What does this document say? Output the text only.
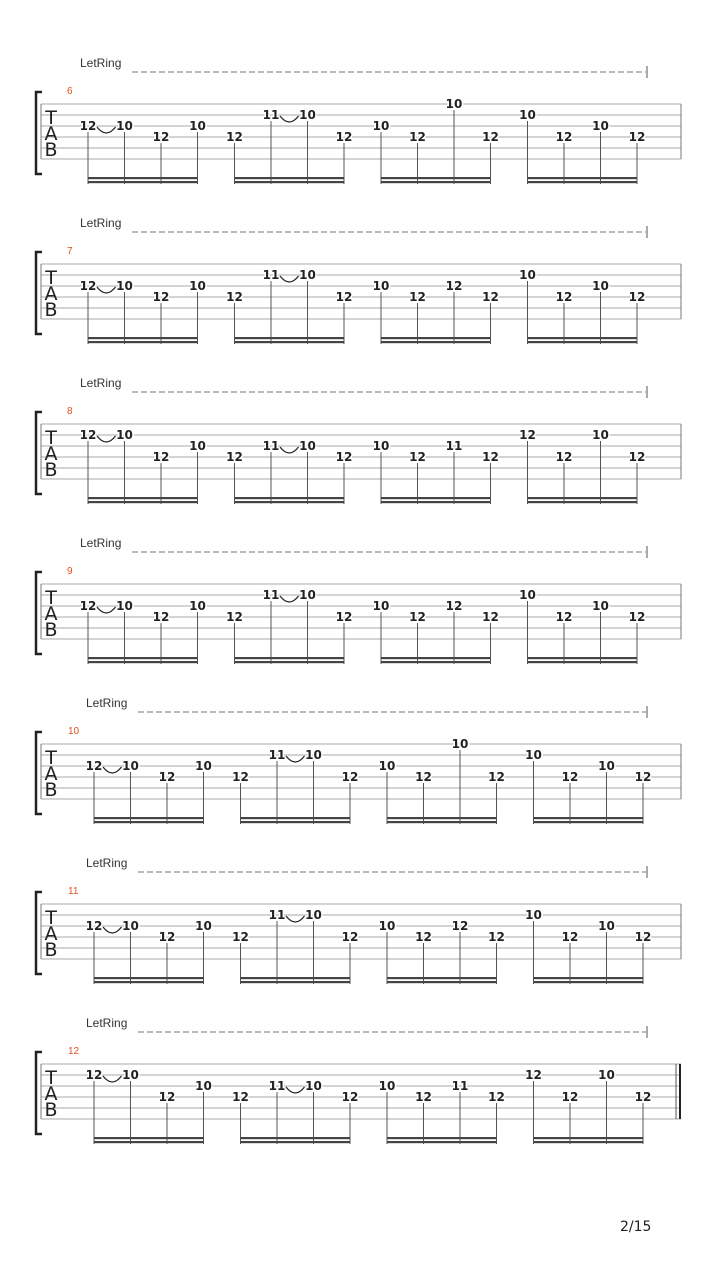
LetRing
6
T
A
B
12 10
12
10
12
11 10
12
10
12
10
12
10
12
10
12
LetRing
7
T
A
B
12 10
12
10
12
11 10
12
10
12
12
12
10
12
10
12
LetRing
8
T
A
B
12 10
12
10
12
11 10
12
10
12
11
12
12
12
10
12
LetRing
9
T
A
B
12 10
12
10
12
11 10
12
10
12
12
12
10
12
10
12
LetRing
10
T
A
B
12 10
12
10
12
11 10
12
10
12
10
12
10
12
10
12
LetRing
11
T
A
B
12 10
12
10
12
11 10
12
10
12
12
12
10
12
10
12
LetRing
12
T
A
B
12 10
12
10
12
11 10
12
10
12
11
12
12
12
10
12
2/15
